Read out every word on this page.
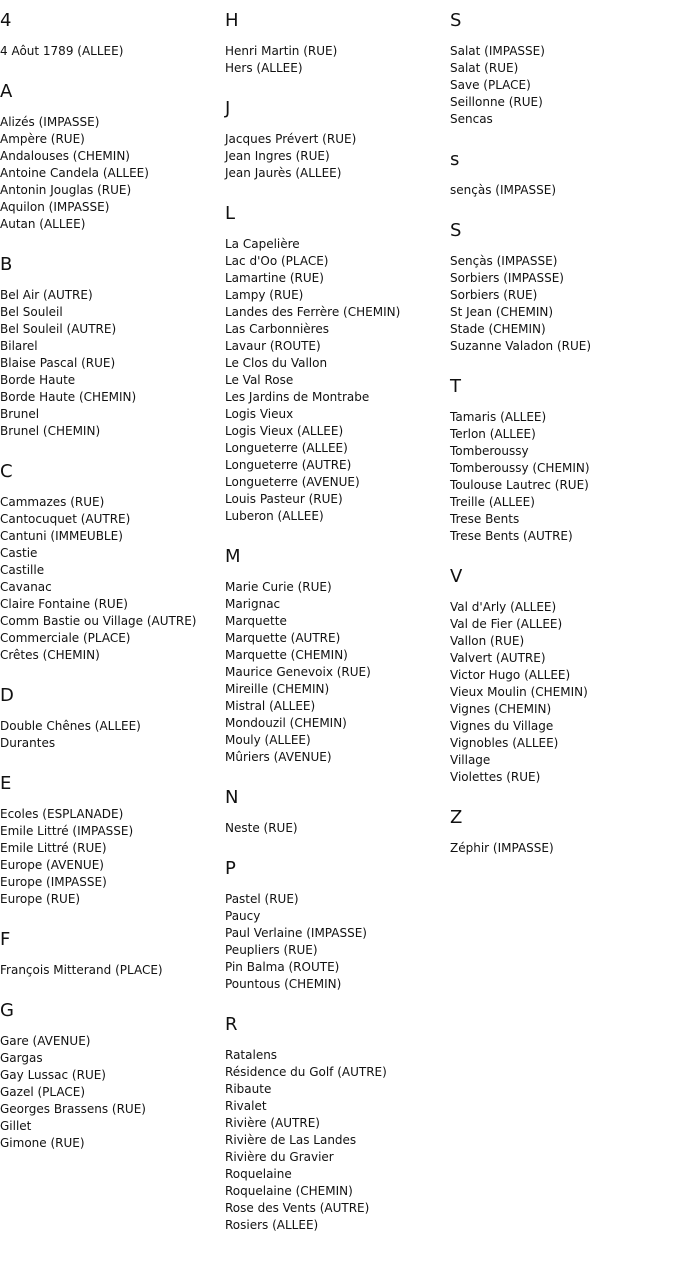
4
4 Aôut 1789 (ALLEE)
A
Alizés (IMPASSE)
Ampère (RUE)
Andalouses (CHEMIN)
Antoine Candela (ALLEE)
Antonin Jouglas (RUE)
Aquilon (IMPASSE)
Autan (ALLEE)
B
Bel Air (AUTRE)
Bel Souleil
Bel Souleil (AUTRE)
Bilarel
Blaise Pascal (RUE)
Borde Haute
Borde Haute (CHEMIN)
Brunel
Brunel (CHEMIN)
C
Cammazes (RUE)
Cantocuquet (AUTRE)
Cantuni (IMMEUBLE)
Castie
Castille
Cavanac
Claire Fontaine (RUE)
Comm Bastie ou Village (AUTRE)
Commerciale (PLACE)
Crêtes (CHEMIN)
D
Double Chênes (ALLEE)
Durantes
E
Ecoles (ESPLANADE)
Emile Littré (IMPASSE)
Emile Littré (RUE)
Europe (AVENUE)
Europe (IMPASSE)
Europe (RUE)
F
François Mitterand (PLACE)
G
Gare (AVENUE)
Gargas
Gay Lussac (RUE)
Gazel (PLACE)
Georges Brassens (RUE)
Gillet
Gimone (RUE)
H
Henri Martin (RUE)
Hers (ALLEE)
J
Jacques Prévert (RUE)
Jean Ingres (RUE)
Jean Jaurès (ALLEE)
L
La Capelière
Lac d'Oo (PLACE)
Lamartine (RUE)
Lampy (RUE)
Landes des Ferrère (CHEMIN)
Las Carbonnières
Lavaur (ROUTE)
Le Clos du Vallon
Le Val Rose
Les Jardins de Montrabe
Logis Vieux
Logis Vieux (ALLEE)
Longueterre (ALLEE)
Longueterre (AUTRE)
Longueterre (AVENUE)
Louis Pasteur (RUE)
Luberon (ALLEE)
M
Marie Curie (RUE)
Marignac
Marquette
Marquette (AUTRE)
Marquette (CHEMIN)
Maurice Genevoix (RUE)
Mireille (CHEMIN)
Mistral (ALLEE)
Mondouzil (CHEMIN)
Mouly (ALLEE)
Mûriers (AVENUE)
N
Neste (RUE)
P
Pastel (RUE)
Paucy
Paul Verlaine (IMPASSE)
Peupliers (RUE)
Pin Balma (ROUTE)
Pountous (CHEMIN)
R
Ratalens
Résidence du Golf (AUTRE)
Ribaute
Rivalet
Rivière (AUTRE)
Rivière de Las Landes
Rivière du Gravier
Roquelaine
Roquelaine (CHEMIN)
Rose des Vents (AUTRE)
Rosiers (ALLEE)
S
Salat (IMPASSE)
Salat (RUE)
Save (PLACE)
Seillonne (RUE)
Sencas
s
sençàs (IMPASSE)
S
Sençàs (IMPASSE)
Sorbiers (IMPASSE)
Sorbiers (RUE)
St Jean (CHEMIN)
Stade (CHEMIN)
Suzanne Valadon (RUE)
T
Tamaris (ALLEE)
Terlon (ALLEE)
Tomberoussy
Tomberoussy (CHEMIN)
Toulouse Lautrec (RUE)
Treille (ALLEE)
Trese Bents
Trese Bents (AUTRE)
V
Val d'Arly (ALLEE)
Val de Fier (ALLEE)
Vallon (RUE)
Valvert (AUTRE)
Victor Hugo (ALLEE)
Vieux Moulin (CHEMIN)
Vignes (CHEMIN)
Vignes du Village
Vignobles (ALLEE)
Village
Violettes (RUE)
Z
Zéphir (IMPASSE)
